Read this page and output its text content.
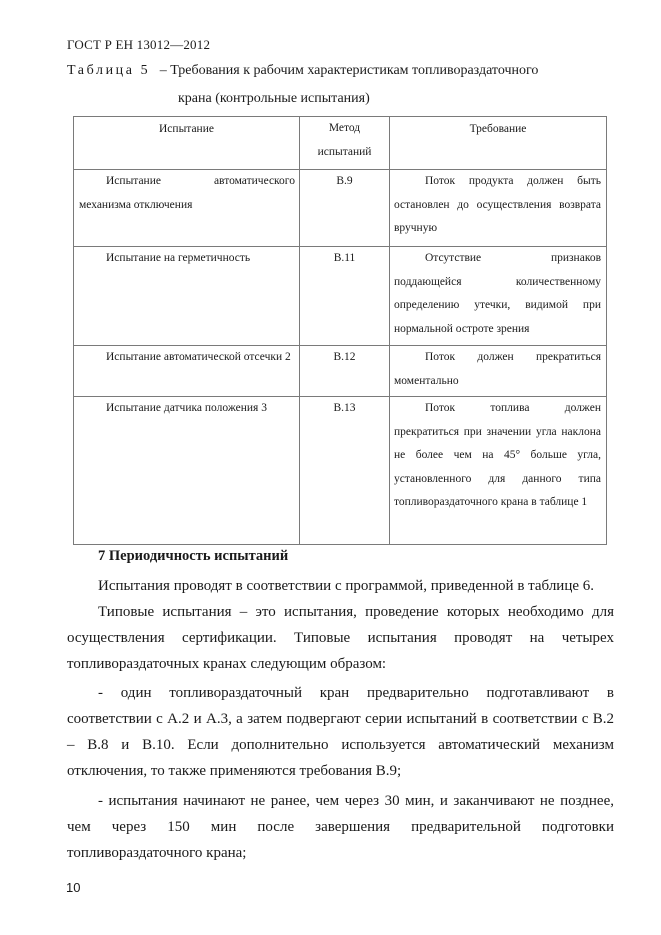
ГОСТ Р ЕН 13012—2012
Таблица 5 – Требования к рабочим характеристикам топливораздаточного
крана (контрольные испытания)
Испытание	Метод испытаний	Требование

Испытание автоматического механизма отключения	В.9	Поток продукта должен быть остановлен до осуществления возврата вручную

Испытание на герметичность	В.11	Отсутствие признаков поддающейся количественному определению утечки, видимой при нормальной остроте зрения

Испытание автоматической отсечки 2	В.12	Поток должен прекратиться моментально

Испытание датчика положения 3	В.13	Поток топлива должен прекратиться при значении угла наклона не более чем на 45° больше угла, установленного для данного типа топливораздаточного крана в таблице 1
7 Периодичность испытаний

Испытания проводят в соответствии с программой, приведенной в таблице 6.

Типовые испытания – это испытания, проведение которых необходимо для осуществления сертификации. Типовые испытания проводят на четырех топливораздаточных кранах следующим образом:

- один топливораздаточный кран предварительно подготавливают в соответствии с А.2 и А.3, а затем подвергают серии испытаний в соответствии с В.2 – В.8 и В.10. Если дополнительно используется автоматический механизм отключения, то также применяются требования В.9;

- испытания начинают не ранее, чем через 30 мин, и заканчивают не позднее, чем через 150 мин после завершения предварительной подготовки топливораздаточного крана;

10
